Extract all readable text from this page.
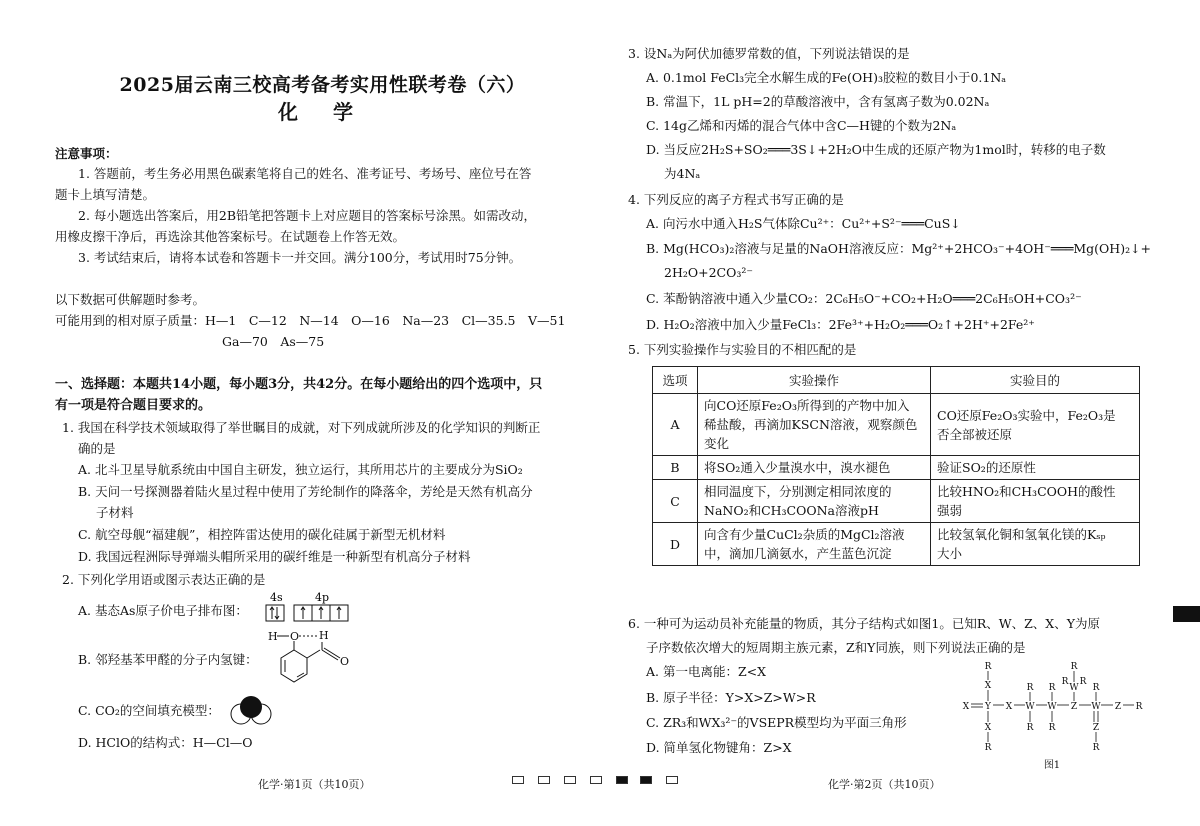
2025届云南三校高考备考实用性联考卷（六）
化 学
注意事项：
1. 答题前，考生务必用黑色碳素笔将自己的姓名、准考证号、考场号、座位号在答
题卡上填写清楚。
2. 每小题选出答案后，用2B铅笔把答题卡上对应题目的答案标号涂黑。如需改动，
用橡皮擦干净后，再选涂其他答案标号。在试题卷上作答无效。
3. 考试结束后，请将本试卷和答题卡一并交回。满分100分，考试用时75分钟。
以下数据可供解题时参考。
可能用到的相对原子质量：H—1　C—12　N—14　O—16　Na—23　Cl—35.5　V—51
Ga—70　As—75
一、选择题：本题共14小题，每小题3分，共42分。在每小题给出的四个选项中，只
有一项是符合题目要求的。
1. 我国在科学技术领域取得了举世瞩目的成就，对下列成就所涉及的化学知识的判断正
确的是
A. 北斗卫星导航系统由中国自主研发，独立运行，其所用芯片的主要成分为SiO₂
B. 天问一号探测器着陆火星过程中使用了芳纶制作的降落伞，芳纶是天然有机高分
子材料
C. 航空母舰“福建舰”，相控阵雷达使用的碳化硅属于新型无机材料
D. 我国远程洲际导弹端头帽所采用的碳纤维是一种新型有机高分子材料
2. 下列化学用语或图示表达正确的是
A. 基态As原子价电子排布图：
4s	4p
B. 邻羟基苯甲醛的分子内氢键：
H O H
O
C. CO₂的空间填充模型：
D. HClO的结构式：H—Cl—O
3. 设Nₐ为阿伏加德罗常数的值，下列说法错误的是
A. 0.1mol FeCl₃完全水解生成的Fe(OH)₃胶粒的数目小于0.1Nₐ
B. 常温下，1L pH=2的草酸溶液中，含有氢离子数为0.02Nₐ
C. 14g乙烯和丙烯的混合气体中含C—H键的个数为2Nₐ
D. 当反应2H₂S+SO₂═══3S↓+2H₂O中生成的还原产物为1mol时，转移的电子数
为4Nₐ
4. 下列反应的离子方程式书写正确的是
A. 向污水中通入H₂S气体除Cu²⁺：Cu²⁺+S²⁻═══CuS↓
B. Mg(HCO₃)₂溶液与足量的NaOH溶液反应：Mg²⁺+2HCO₃⁻+4OH⁻═══Mg(OH)₂↓+
2H₂O+2CO₃²⁻
C. 苯酚钠溶液中通入少量CO₂：2C₆H₅O⁻+CO₂+H₂O═══2C₆H₅OH+CO₃²⁻
D. H₂O₂溶液中加入少量FeCl₃：2Fe³⁺+H₂O₂═══O₂↑+2H⁺+2Fe²⁺
5. 下列实验操作与实验目的不相匹配的是
选项	实验操作	实验目的
A	向CO还原Fe₂O₃所得到的产物中加入
稀盐酸，再滴加KSCN溶液，观察颜色
变化	CO还原Fe₂O₃实验中，Fe₂O₃是
否全部被还原
B	将SO₂通入少量溴水中，溴水褪色	验证SO₂的还原性
C	相同温度下，分别测定相同浓度的
NaNO₂和CH₃COONa溶液pH	比较HNO₂和CH₃COOH的酸性
强弱
D	向含有少量CuCl₂杂质的MgCl₂溶液
中，滴加几滴氨水，产生蓝色沉淀	比较氢氧化铜和氢氧化镁的Kₛₚ
大小
6. 一种可为运动员补充能量的物质，其分子结构式如图1。已知R、W、Z、X、Y为原
子序数依次增大的短周期主族元素，Z和Y同族，则下列说法正确的是
A. 第一电离能：Z<X
B. 原子半径：Y>X>Z>W>R
C. ZR₃和WX₃²⁻的VSEPR模型均为平面三角形
D. 简单氢化物键角：Z>X
R
X
X Y X W W Z W Z R
X
R
R
R
R
R
R
W
R R
R
Z
R
图1
化学·第1页（共10页）	化学·第2页（共10页）
